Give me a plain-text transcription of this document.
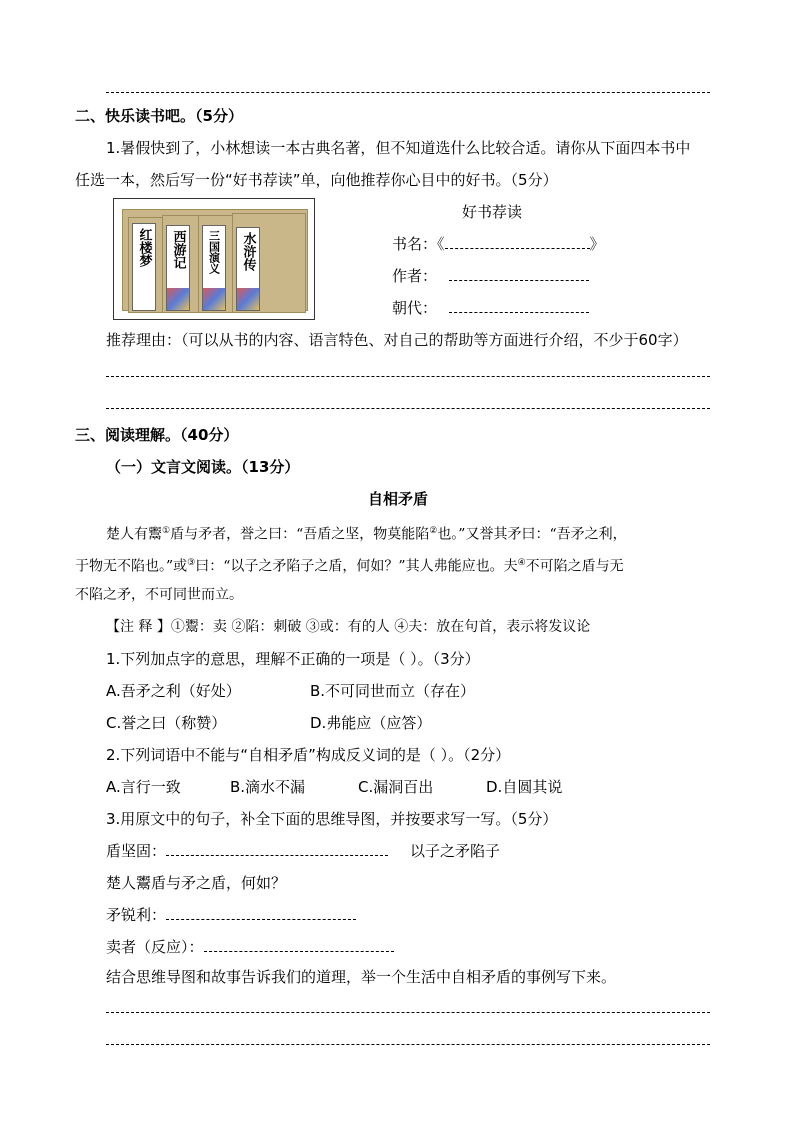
二、快乐读书吧。（5分）
1.暑假快到了，小林想读一本古典名著，但不知道选什么比较合适。请你从下面四本书中
任选一本，然后写一份“好书荐读”单，向他推荐你心目中的好书。（5分）
红楼梦 西游记 三国演义 水浒传
好书荐读
书名：《	》
作者：
朝代：
推荐理由：（可以从书的内容、语言特色、对自己的帮助等方面进行介绍，不少于60字）
三、阅读理解。（40分）
（一）文言文阅读。（13分）
自相矛盾
楚人有鬻①盾与矛者，誉之曰：“吾盾之坚，物莫能陷②也。”又誉其矛曰：“吾矛之利，
于物无不陷也。”或③曰：“以子之矛陷子之盾，何如？”其人弗能应也。夫④不可陷之盾与无
不陷之矛，不可同世而立。
【注 释 】①鬻：卖 ②陷：刺破 ③或：有的人 ④夫：放在句首，表示将发议论
1.下列加点字的意思，理解不正确的一项是（ ）。（3分）
A.吾矛之利（好处）	B.不可同世而立（存在）
C.誉之曰（称赞）	D.弗能应（应答）
2.下列词语中不能与“自相矛盾”构成反义词的是（ ）。（2分）
A.言行一致	B.滴水不漏	C.漏洞百出	D.自圆其说
3.用原文中的句子，补全下面的思维导图，并按要求写一写。（5分）
盾坚固：	以子之矛陷子
楚人鬻盾与矛之盾，何如？
矛锐利：
卖者（反应）：
结合思维导图和故事告诉我们的道理，举一个生活中自相矛盾的事例写下来。
